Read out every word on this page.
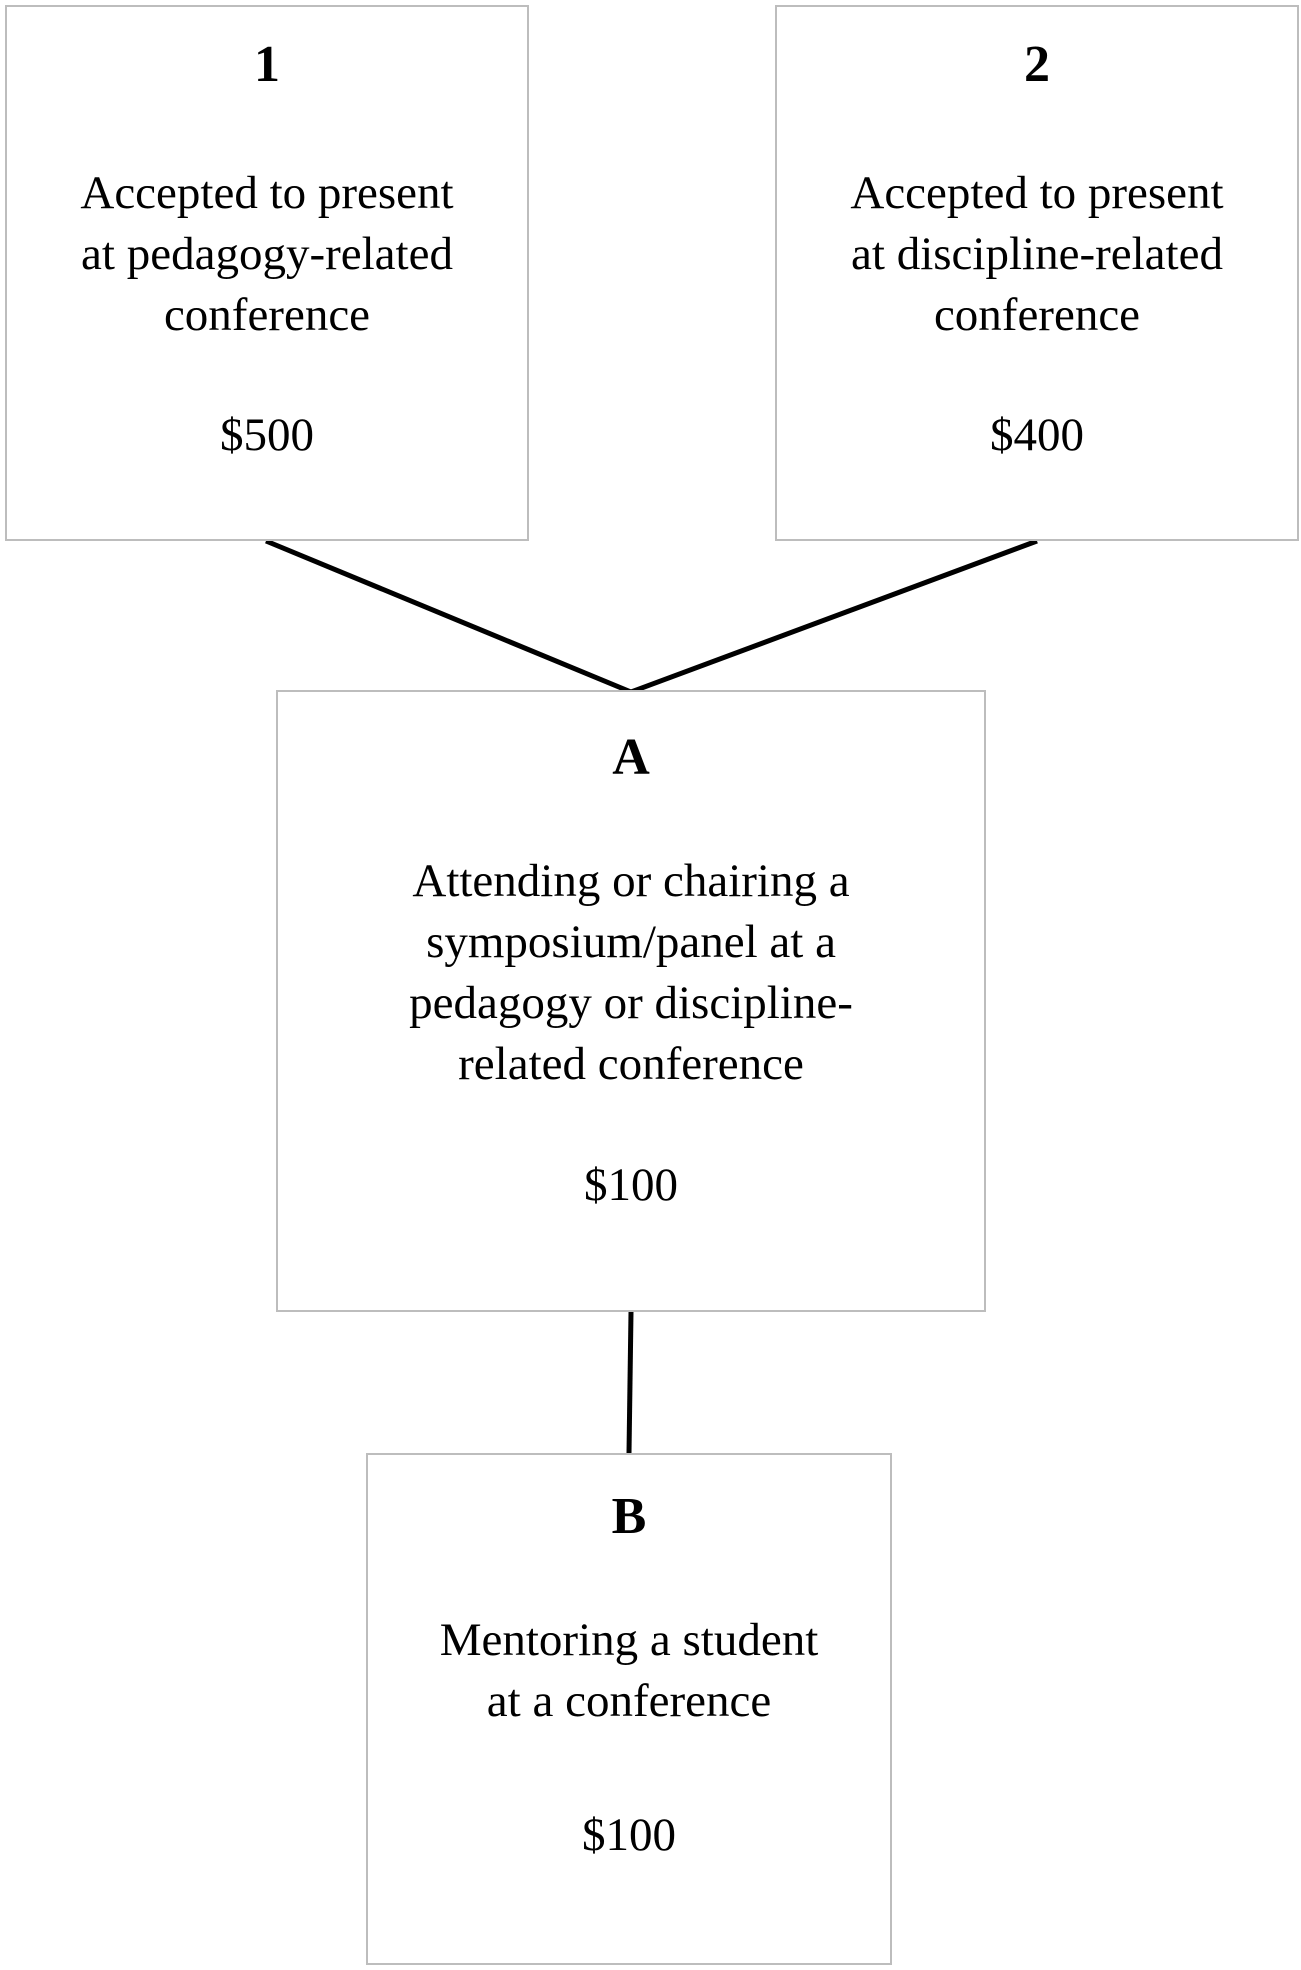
1
Accepted to present
at pedagogy-related
conference
$500
2
Accepted to present
at discipline-related
conference
$400
A
Attending or chairing a
symposium/panel at a
pedagogy or discipline-
related conference
$100
B
Mentoring a student
at a conference
$100
